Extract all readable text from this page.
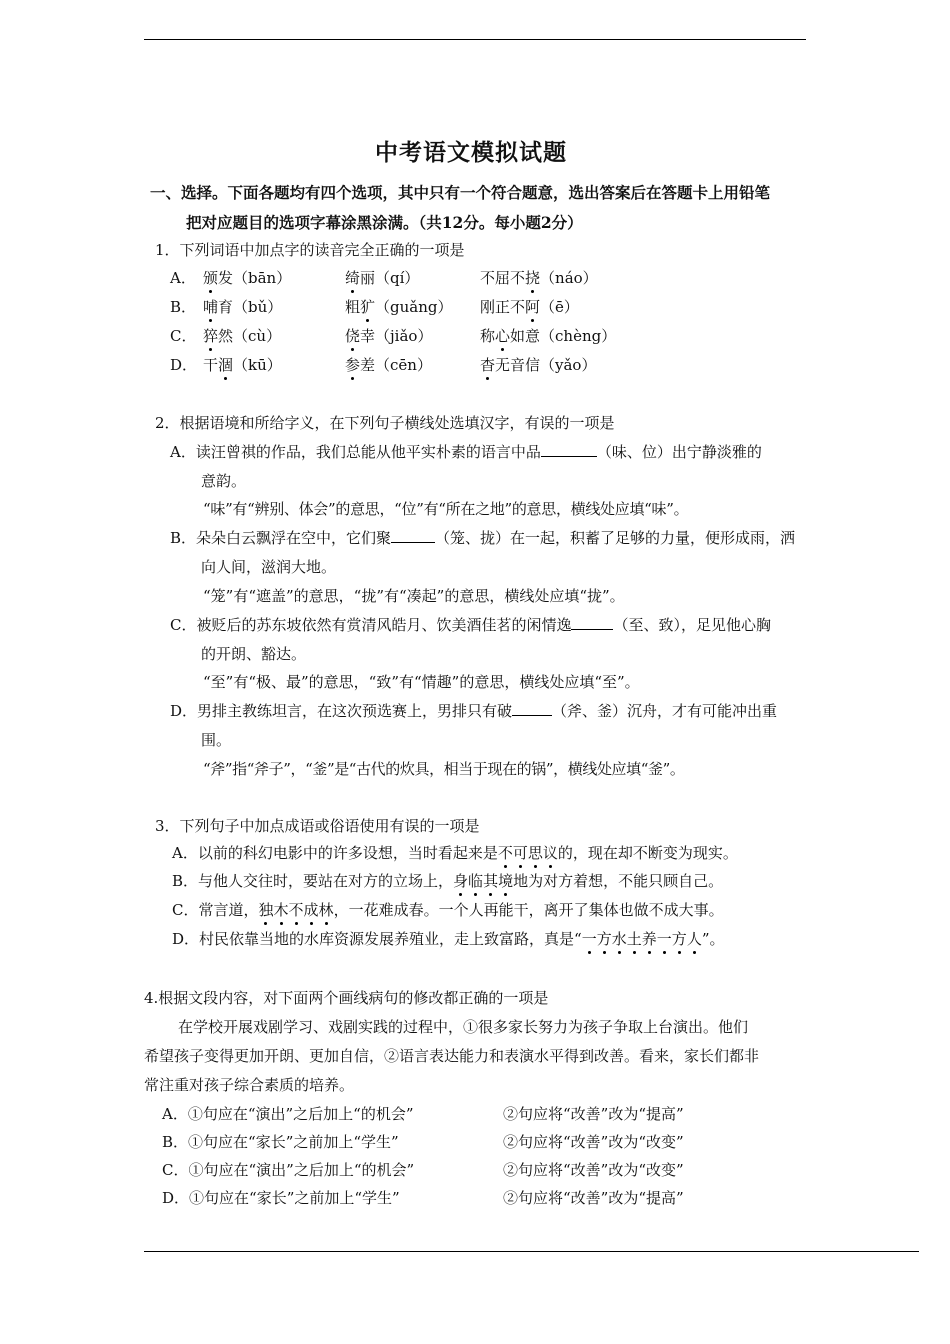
中考语文模拟试题
一、选择。下面各题均有四个选项，其中只有一个符合题意，选出答案后在答题卡上用铅笔
把对应题目的选项字幕涂黑涂满。（共12分。每小题2分）
1．下列词语中加点字的读音完全正确的一项是
A． 颁发（bān）	绮丽（qí）	不屈不挠（náo）
B． 哺育（bǔ）	粗犷（guǎng） 刚正不阿（ē）
C． 猝然（cù）	侥幸（jiǎo）	称心如意（chèng）
D． 干涸（kū）	参差（cēn）	杳无音信（yǎo）
2．根据语境和所给字义，在下列句子横线处选填汉字，有误的一项是
A．读汪曾祺的作品，我们总能从他平实朴素的语言中品	（味、位）出宁静淡雅的
意韵。
“味”有“辨别、体会”的意思，“位”有“所在之地”的意思，横线处应填“味”。
B．朵朵白云飘浮在空中，它们聚	（笼、拢）在一起，积蓄了足够的力量，便形成雨，洒
向人间，滋润大地。
“笼”有“遮盖”的意思，“拢”有“凑起”的意思，横线处应填“拢”。
C．被贬后的苏东坡依然有赏清风皓月、饮美酒佳茗的闲情逸	（至、致），足见他心胸
的开朗、豁达。
“至”有“极、最”的意思，“致”有“情趣”的意思，横线处应填“至”。
D．男排主教练坦言，在这次预选赛上，男排只有破	（斧、釜）沉舟，才有可能冲出重
围。
“斧”指“斧子”，“釜”是“古代的炊具，相当于现在的锅”，横线处应填“釜”。
3．下列句子中加点成语或俗语使用有误的一项是
A．以前的科幻电影中的许多设想，当时看起来是不可思议的，现在却不断变为现实。
B．与他人交往时，要站在对方的立场上，身临其境地为对方着想，不能只顾自己。
C．常言道，独木不成林，一花难成春。一个人再能干，离开了集体也做不成大事。
D．村民依靠当地的水库资源发展养殖业，走上致富路，真是“一方水土养一方人”。
4.根据文段内容，对下面两个画线病句的修改都正确的一项是
在学校开展戏剧学习、戏剧实践的过程中，①很多家长努力为孩子争取上台演出。他们
希望孩子变得更加开朗、更加自信，②语言表达能力和表演水平得到改善。看来，家长们都非
常注重对孩子综合素质的培养。
A．①句应在“演出”之后加上“的机会”	②句应将“改善”改为“提高”
B．①句应在“家长”之前加上“学生”	②句应将“改善”改为“改变”
C．①句应在“演出”之后加上“的机会”	②句应将“改善”改为“改变”
D．①句应在“家长”之前加上“学生”	②句应将“改善”改为“提高”
